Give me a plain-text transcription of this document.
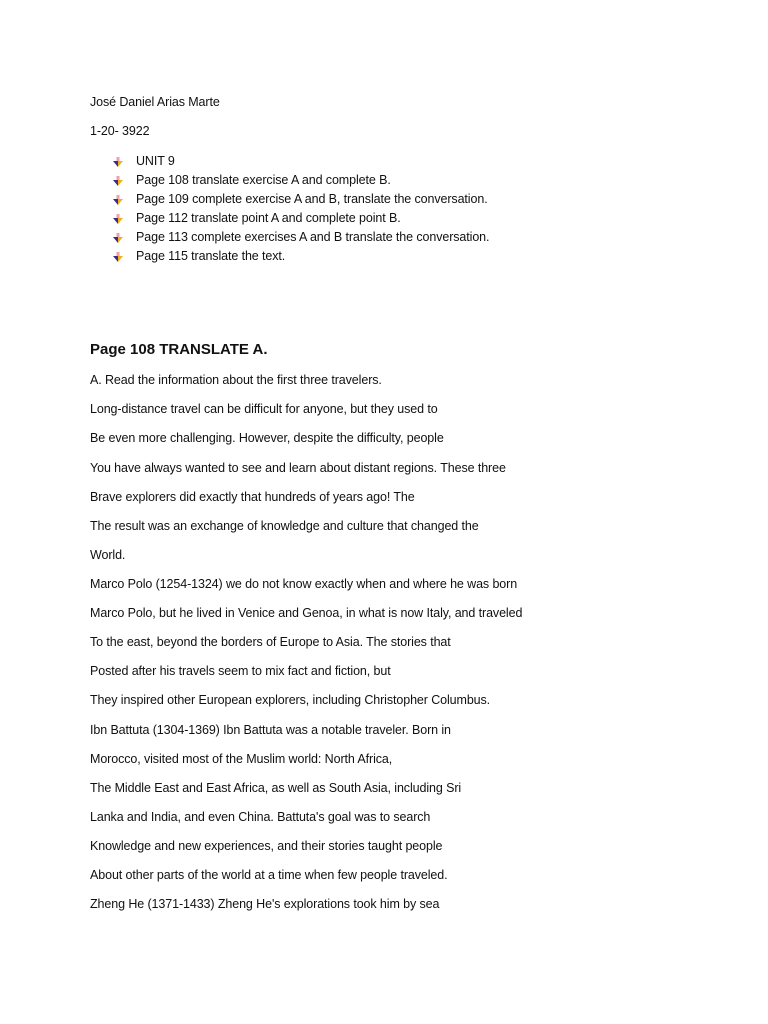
José Daniel Arias Marte
1-20- 3922
UNIT 9
Page 108 translate exercise A and complete B.
Page 109 complete exercise A and B, translate the conversation.
Page 112 translate point A and complete point B.
Page 113 complete exercises A and B translate the conversation.
Page 115 translate the text.
Page 108 TRANSLATE A.
A. Read the information about the first three travelers.
Long-distance travel can be difficult for anyone, but they used to
Be even more challenging. However, despite the difficulty, people
You have always wanted to see and learn about distant regions. These three
Brave explorers did exactly that hundreds of years ago! The
The result was an exchange of knowledge and culture that changed the
World.
Marco Polo (1254-1324) we do not know exactly when and where he was born
Marco Polo, but he lived in Venice and Genoa, in what is now Italy, and traveled
To the east, beyond the borders of Europe to Asia. The stories that
Posted after his travels seem to mix fact and fiction, but
They inspired other European explorers, including Christopher Columbus.
Ibn Battuta (1304-1369) Ibn Battuta was a notable traveler. Born in
Morocco, visited most of the Muslim world: North Africa,
The Middle East and East Africa, as well as South Asia, including Sri
Lanka and India, and even China. Battuta's goal was to search
Knowledge and new experiences, and their stories taught people
About other parts of the world at a time when few people traveled.
Zheng He (1371-1433) Zheng He's explorations took him by sea
